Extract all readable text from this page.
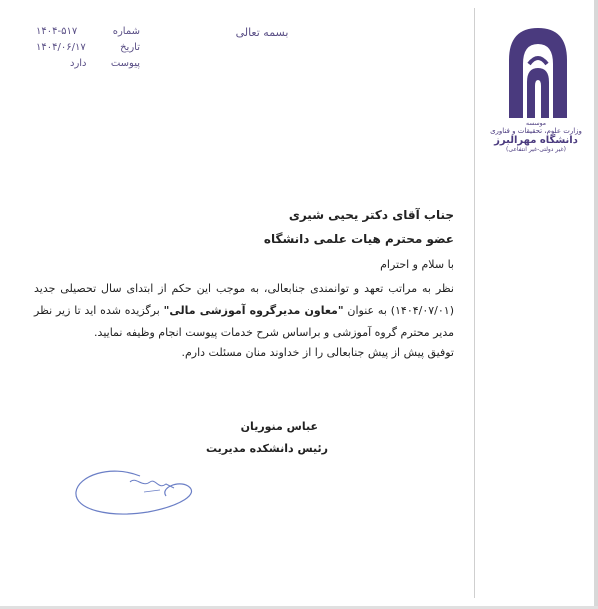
۱۴۰۴-۵۱۷
۱۴۰۴/۰۶/۱۷
دارد
شماره
تاریخ
پیوست
بسمه تعالی
موسسه
وزارت علوم، تحقیقات و فناوری
دانشگاه مهرالبرز
(غیر دولتی-غیر انتفاعی)
جناب آقای دکتر یحیی شیری
عضو محترم هیات علمی دانشگاه
با سلام و احترام
نظر به مراتب تعهد و توانمندی جنابعالی، به موجب این حکم از ابتدای سال تحصیلی جدید (۱۴۰۴/۰۷/۰۱) به عنوان "معاون مدیرگروه آموزشی مالی" برگزیده شده اید تا زیر نظر مدیر محترم گروه آموزشی و براساس شرح خدمات پیوست انجام وظیفه نمایید.
توفیق پیش از پیش جنابعالی را از خداوند منان مسئلت دارم.
عباس منوریان
رئیس دانشکده مدیریت
